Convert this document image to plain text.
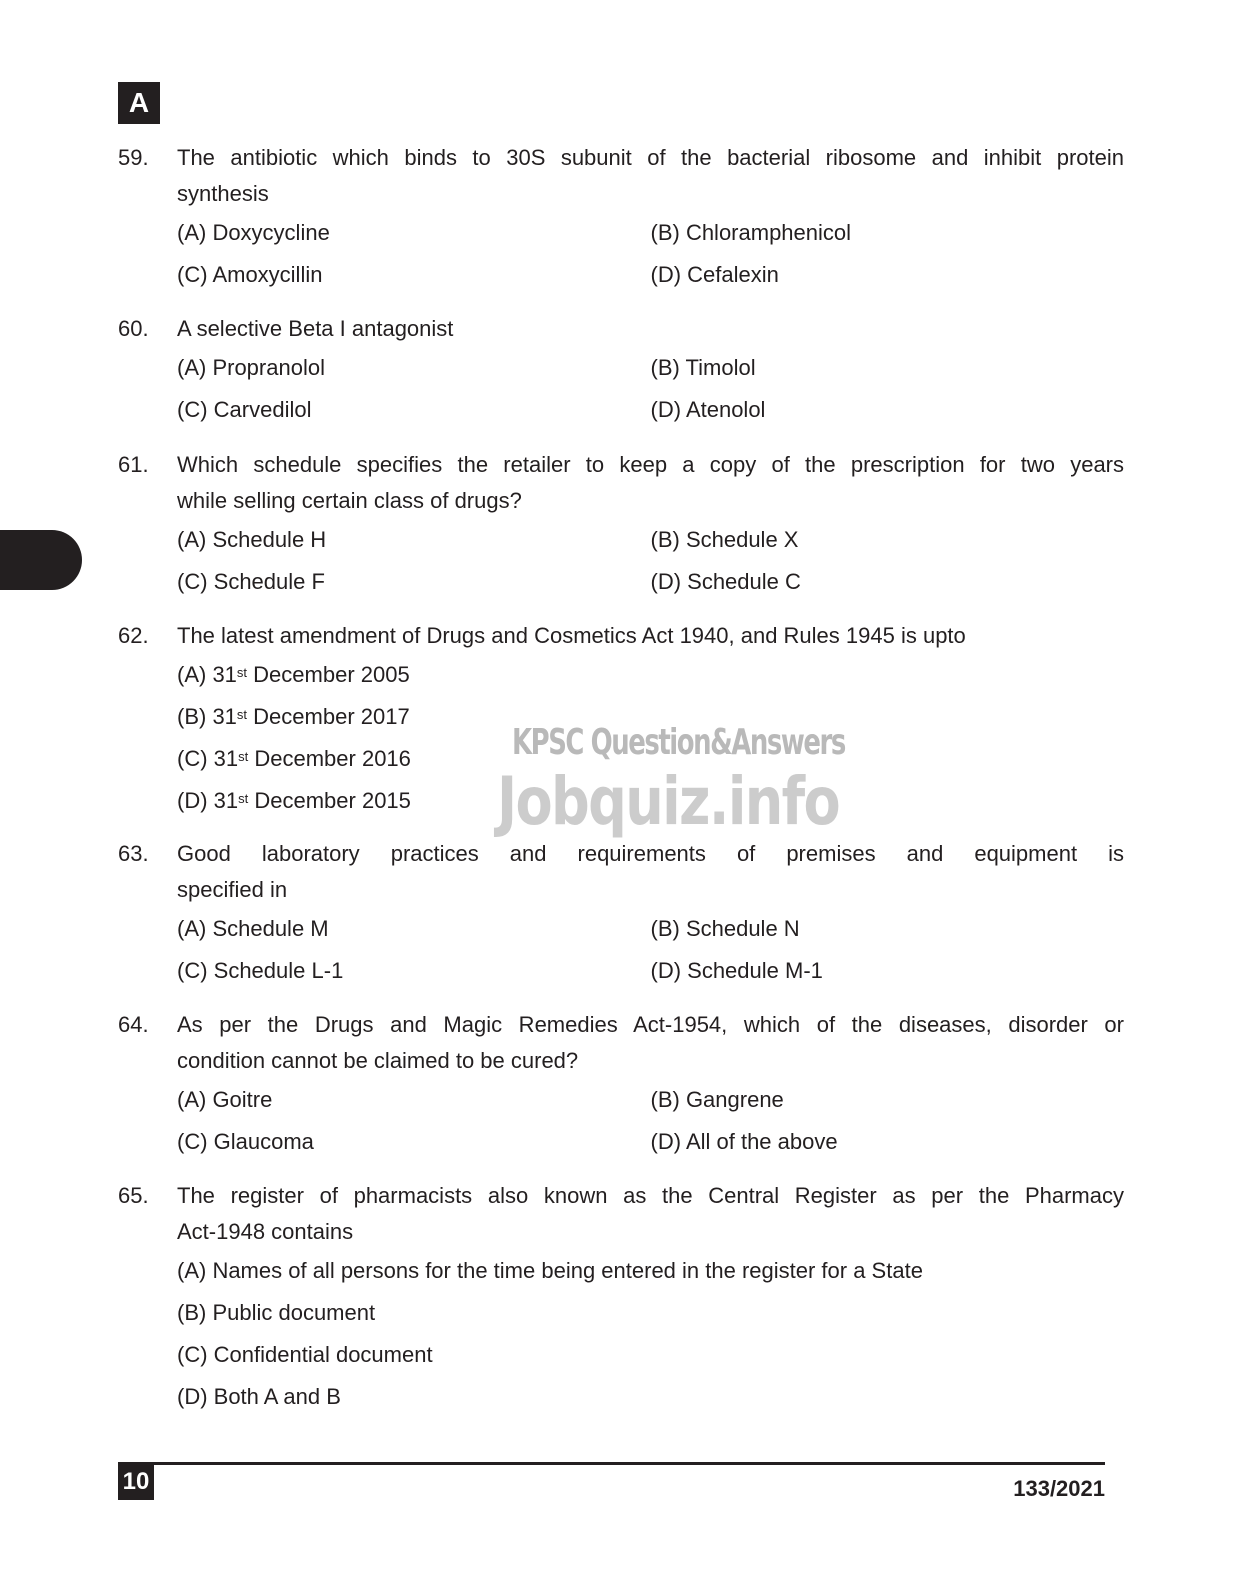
A
59.	The antibiotic which binds to 30S subunit of the bacterial ribosome and inhibit protein
synthesis
(A) Doxycycline	(B) Chloramphenicol
(C) Amoxycillin	(D) Cefalexin
60.	A selective Beta I antagonist
(A) Propranolol	(B) Timolol
(C) Carvedilol	(D) Atenolol
61.	Which schedule specifies the retailer to keep a copy of the prescription for two years
while selling certain class of drugs?
(A) Schedule H	(B) Schedule X
(C) Schedule F	(D) Schedule C
62.	The latest amendment of Drugs and Cosmetics Act 1940, and Rules 1945 is upto
(A) 31st December 2005
(B) 31st December 2017
(C) 31st December 2016
(D) 31st December 2015
63.	Good laboratory practices and requirements of premises and equipment is
specified in
(A) Schedule M	(B) Schedule N
(C) Schedule L-1	(D) Schedule M-1
64.	As per the Drugs and Magic Remedies Act-1954, which of the diseases, disorder or
condition cannot be claimed to be cured?
(A) Goitre	(B) Gangrene
(C) Glaucoma	(D) All of the above
65.	The register of pharmacists also known as the Central Register as per the Pharmacy
Act-1948 contains
(A) Names of all persons for the time being entered in the register for a State
(B) Public document
(C) Confidential document
(D) Both A and B
KPSC Question&Answers
Jobquiz.info
10	133/2021
